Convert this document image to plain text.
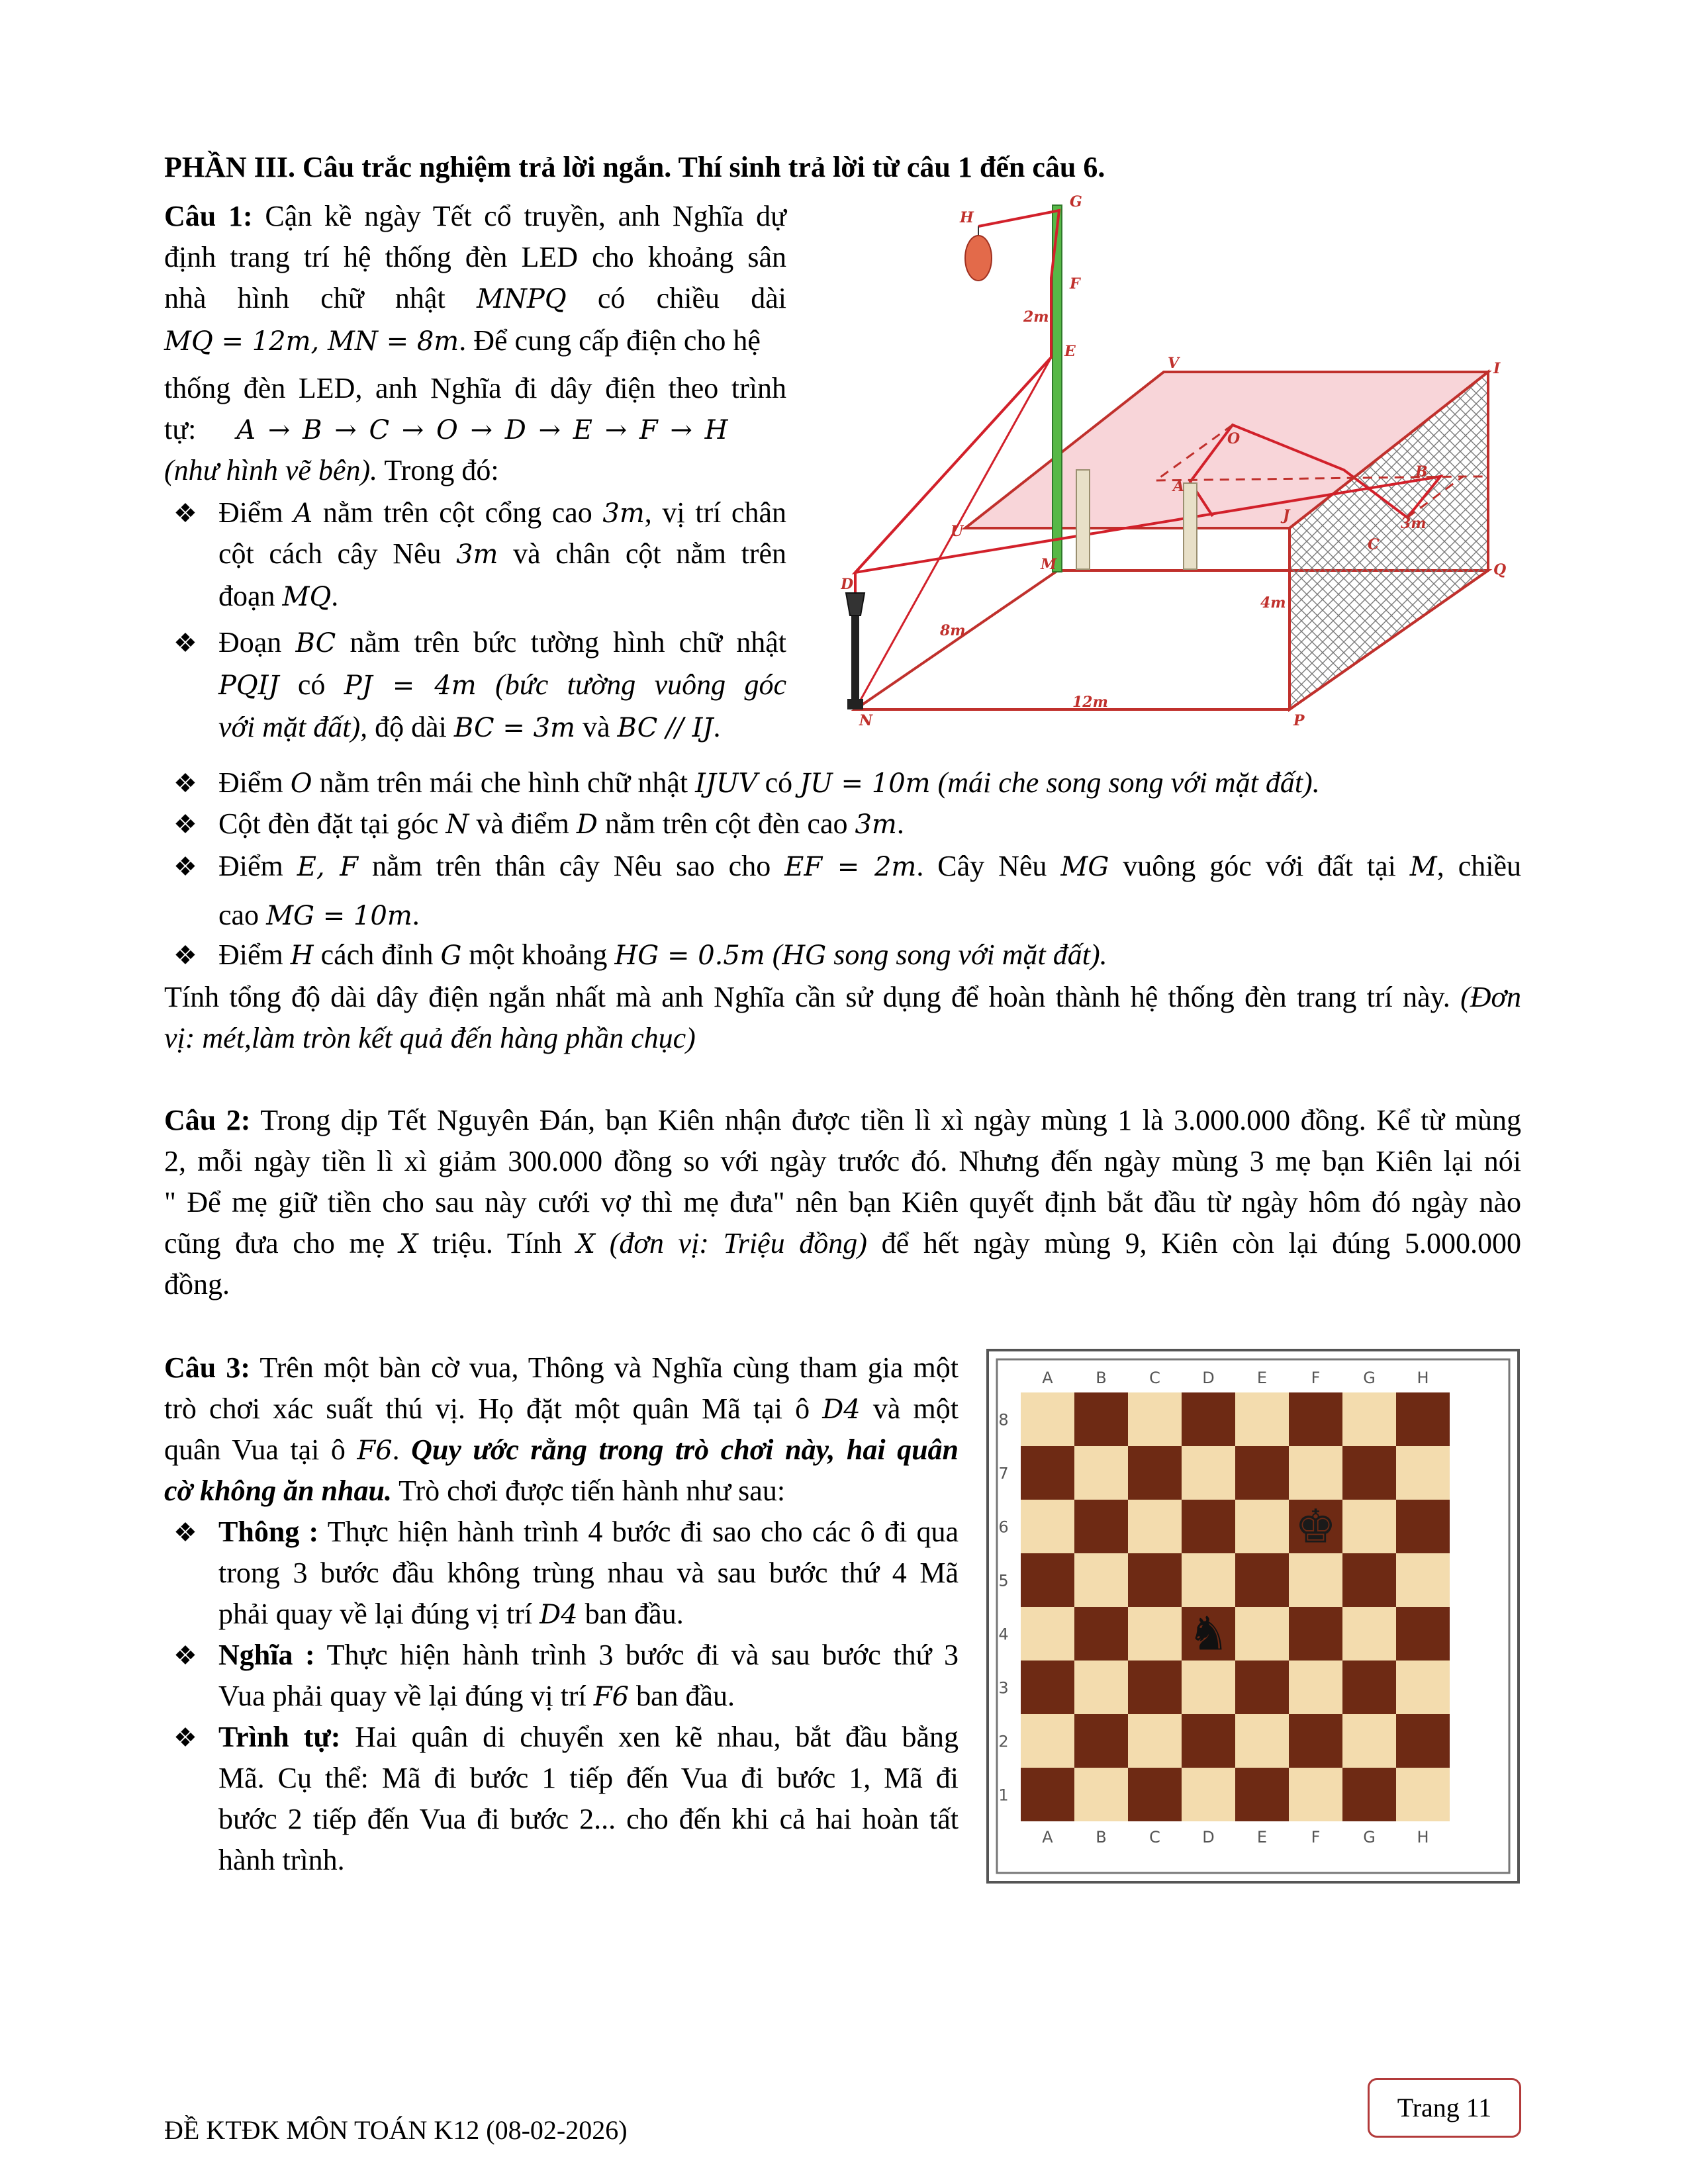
PHẦN III. Câu trắc nghiệm trả lời ngắn. Thí sinh trả lời từ câu 1 đến câu 6.
Câu 1: Cận kề ngày Tết cổ truyền, anh Nghĩa dự
định trang trí hệ thống đèn LED cho khoảng sân
nhà hình chữ nhật MNPQ có chiều dài
MQ = 12m, MN = 8m. Để cung cấp điện cho hệ
thống đèn LED, anh Nghĩa đi dây điện theo trình
tự: A → B → C → O → D → E → F → H
(như hình vẽ bên). Trong đó:
❖ Điểm A nằm trên cột cổng cao 3m, vị trí chân
cột cách cây Nêu 3m và chân cột nằm trên
đoạn MQ.
❖ Đoạn BC nằm trên bức tường hình chữ nhật
PQIJ có PJ = 4m (bức tường vuông góc
với mặt đất), độ dài BC = 3m và BC // IJ.
❖ Điểm O nằm trên mái che hình chữ nhật IJUV có JU = 10m (mái che song song với mặt đất).
❖ Cột đèn đặt tại góc N và điểm D nằm trên cột đèn cao 3m.
❖ Điểm E, F nằm trên thân cây Nêu sao cho EF = 2m. Cây Nêu MG vuông góc với đất tại M, chiều
cao MG = 10m.
❖ Điểm H cách đỉnh G một khoảng HG = 0.5m (HG song song với mặt đất).
Tính tổng độ dài dây điện ngắn nhất mà anh Nghĩa cần sử dụng để hoàn thành hệ thống đèn trang trí này. (Đơn
vị: mét,làm tròn kết quả đến hàng phần chục)
H
G
F
E
V	I
O
A
B
U
J
C
M	Q
D
N	P
2m
3m
4m
8m
12m
Câu 2: Trong dịp Tết Nguyên Đán, bạn Kiên nhận được tiền lì xì ngày mùng 1 là 3.000.000 đồng. Kể từ mùng
2, mỗi ngày tiền lì xì giảm 300.000 đồng so với ngày trước đó. Nhưng đến ngày mùng 3 mẹ bạn Kiên lại nói
" Để mẹ giữ tiền cho sau này cưới vợ thì mẹ đưa" nên bạn Kiên quyết định bắt đầu từ ngày hôm đó ngày nào
cũng đưa cho mẹ X triệu. Tính X (đơn vị: Triệu đồng) để hết ngày mùng 9, Kiên còn lại đúng 5.000.000
đồng.
Câu 3: Trên một bàn cờ vua, Thông và Nghĩa cùng tham gia một
trò chơi xác suất thú vị. Họ đặt một quân Mã tại ô D4 và một
quân Vua tại ô F6. Quy ước rằng trong trò chơi này, hai quân
cờ không ăn nhau. Trò chơi được tiến hành như sau:
❖ Thông : Thực hiện hành trình 4 bước đi sao cho các ô đi qua
trong 3 bước đầu không trùng nhau và sau bước thứ 4 Mã
phải quay về lại đúng vị trí D4 ban đầu.
❖ Nghĩa : Thực hiện hành trình 3 bước đi và sau bước thứ 3
Vua phải quay về lại đúng vị trí F6 ban đầu.
❖ Trình tự: Hai quân di chuyển xen kẽ nhau, bắt đầu bằng
Mã. Cụ thể: Mã đi bước 1 tiếp đến Vua đi bước 1, Mã đi
bước 2 tiếp đến Vua đi bước 2... cho đến khi cả hai hoàn tất
hành trình.
A
A
B
B
C
C
D
D
E
E
F
F
G
G
H
H
8
7
6
5
4
3
2
1
♚
♞
Trang 11
ĐỀ KTĐK MÔN TOÁN K12 (08-02-2026)
